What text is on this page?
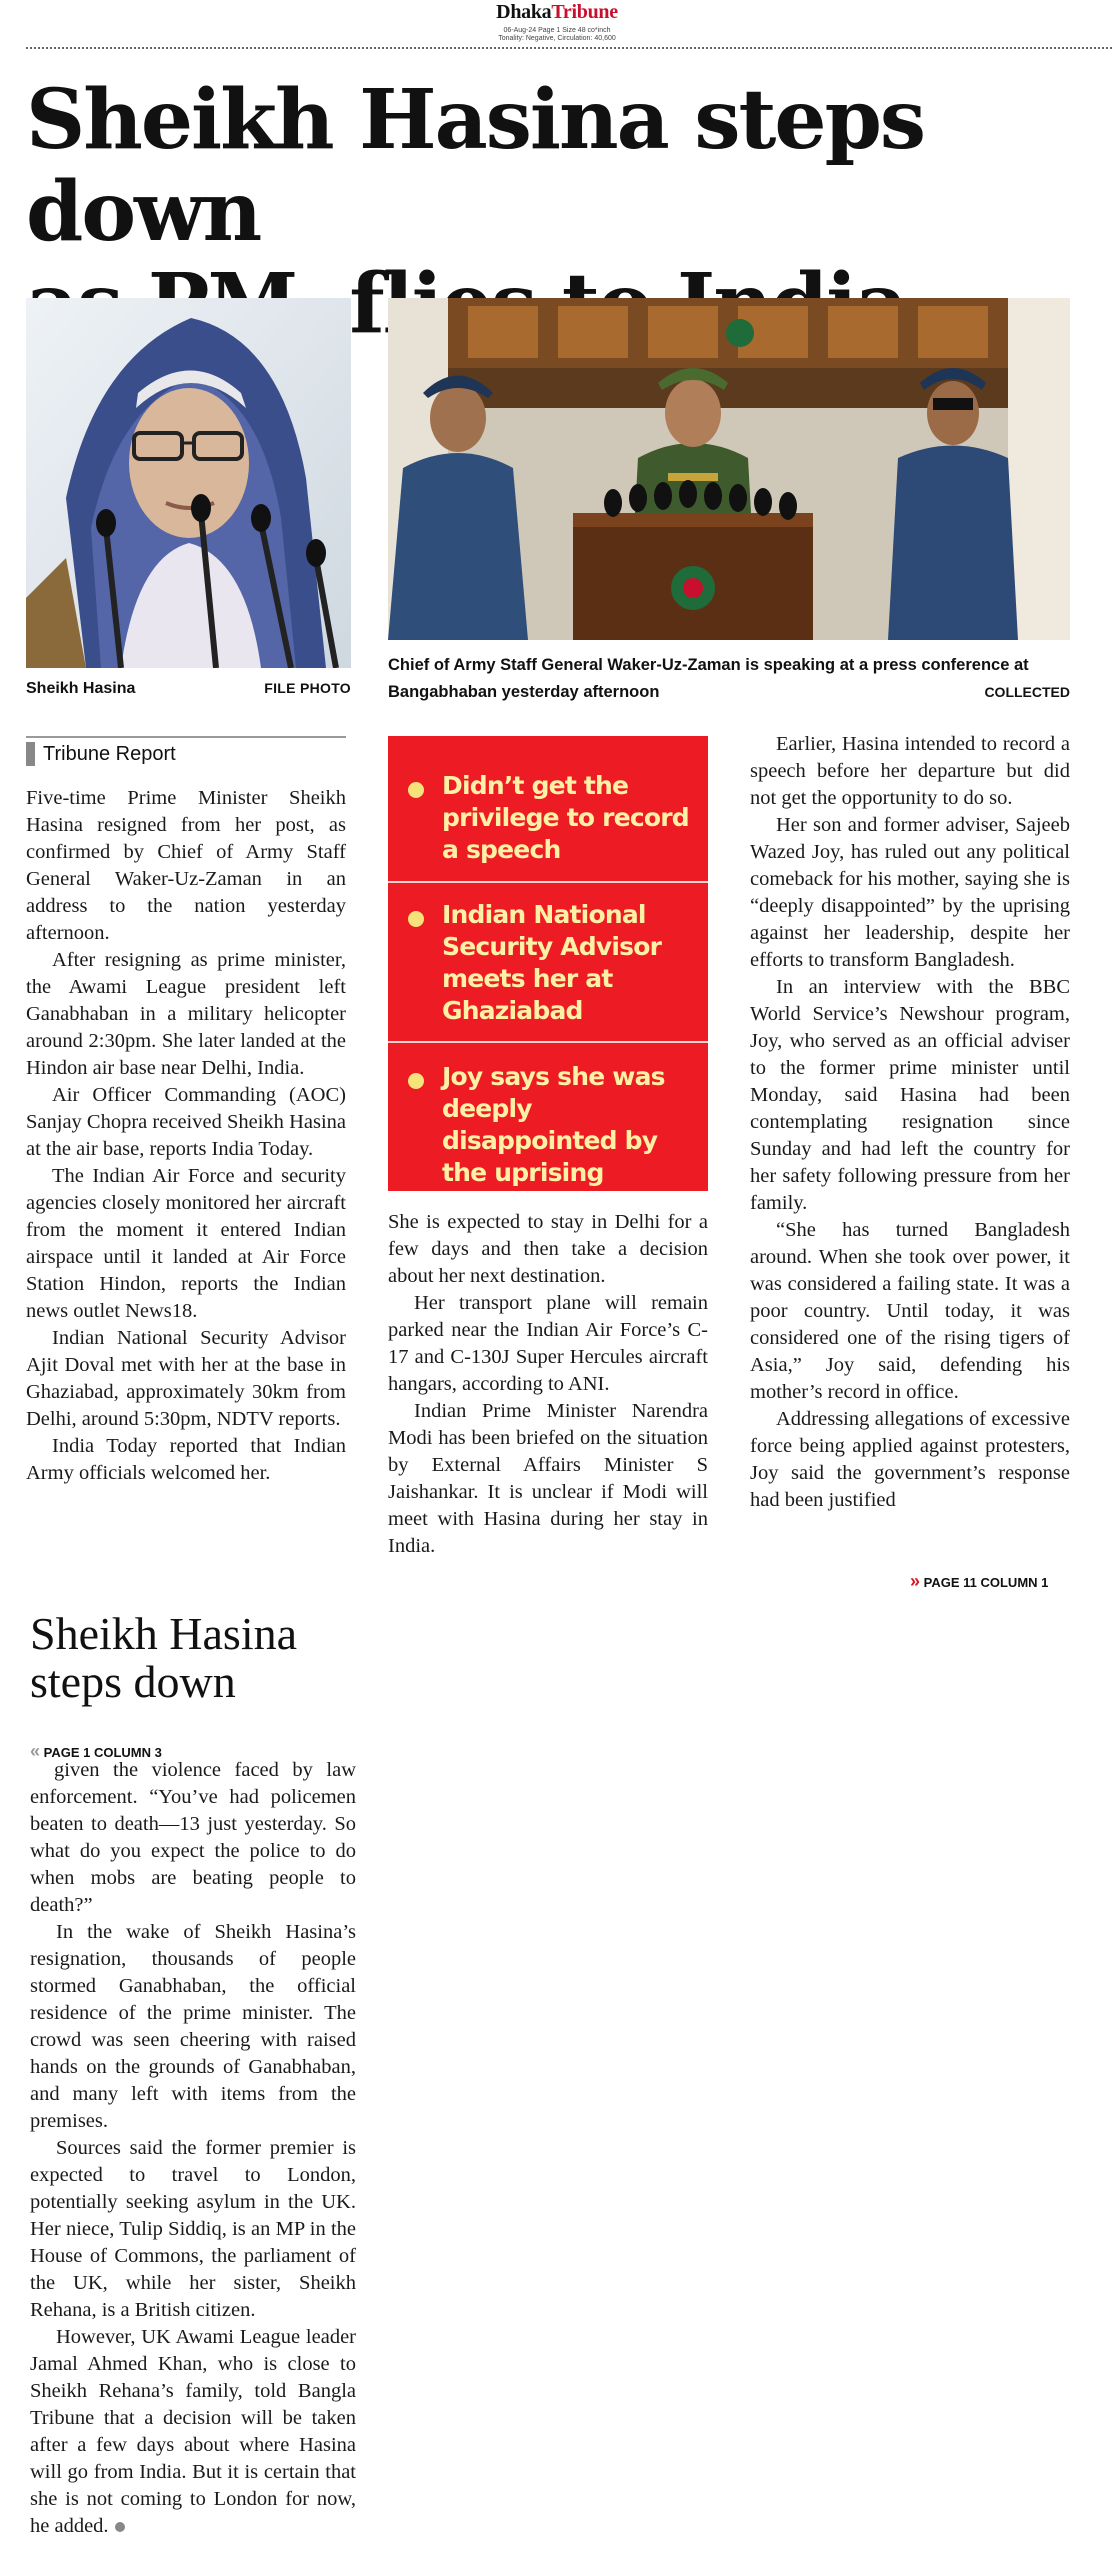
DhakaTribune
06-Aug-24 Page 1 Size 48 co*inch
Tonality: Negative, Circulation: 40,600
Sheikh Hasina steps down

Sheikh Hasina	FILE PHOTO
Chief of Army Staff General Waker-Uz-Zaman is speaking at a press conference at Bangabhaban yesterday afternoon	COLLECTED
Tribune Report

Five-time Prime Minister Sheikh Hasina resigned from her post, as confirmed by Chief of Army Staff General Waker-Uz-Zaman in an address to the nation yesterday afternoon.

After resigning as prime minister, the Awami League president left Ganabhaban in a military helicopter around 2:30pm. She later landed at the Hindon air base near Delhi, India.

Air Officer Commanding (AOC) Sanjay Chopra received Sheikh Hasina at the air base, reports India Today.

The Indian Air Force and security agencies closely monitored her aircraft from the moment it entered Indian airspace until it landed at Air Force Station Hindon, reports the Indian news outlet News18.

Indian National Security Advisor Ajit Doval met with her at the base in Ghaziabad, approximately 30km from Delhi, around 5:30pm, NDTV reports.

India Today reported that Indian Army officials welcomed her.

Didn’t get the privilege to record a speech
Indian National Security Advisor meets her at Ghaziabad
Joy says she was deeply disappointed by the uprising

She is expected to stay in Delhi for a few days and then take a decision about her next destination.

Her transport plane will remain parked near the Indian Air Force’s C-17 and C-130J Super Hercules aircraft hangars, according to ANI.

Indian Prime Minister Narendra Modi has been briefed on the situation by External Affairs Minister S Jaishankar. It is unclear if Modi will meet with Hasina during her stay in India.

Earlier, Hasina intended to record a speech before her departure but did not get the opportunity to do so.

Her son and former adviser, Sajeeb Wazed Joy, has ruled out any political comeback for his mother, saying she is “deeply disappointed” by the uprising against her leadership, despite her efforts to transform Bangladesh.

In an interview with the BBC World Service’s Newshour program, Joy, who served as an official adviser to the former prime minister until Monday, said Hasina had been contemplating resignation since Sunday and had left the country for her safety following pressure from her family.

“She has turned Bangladesh around. When she took over power, it was considered a failing state. It was a poor country. Until today, it was considered one of the rising tigers of Asia,” Joy said, defending his mother’s record in office.

Addressing allegations of excessive force being applied against protesters, Joy said the government’s response had been justified

» PAGE 11 COLUMN 1
Sheikh Hasina steps down
« PAGE 1 COLUMN 3

given the violence faced by law enforcement. “You’ve had policemen beaten to death—13 just yesterday. So what do you expect the police to do when mobs are beating people to death?”

In the wake of Sheikh Hasina’s resignation, thousands of people stormed Ganabhaban, the official residence of the prime minister. The crowd was seen cheering with raised hands on the grounds of Ganabhaban, and many left with items from the premises.

Sources said the former premier is expected to travel to London, potentially seeking asylum in the UK. Her niece, Tulip Siddiq, is an MP in the House of Commons, the parliament of the UK, while her sister, Sheikh Rehana, is a British citizen.

However, UK Awami League leader Jamal Ahmed Khan, who is close to Sheikh Rehana’s family, told Bangla Tribune that a decision will be taken after a few days about where Hasina will go from India. But it is certain that she is not coming to London for now, he added.
